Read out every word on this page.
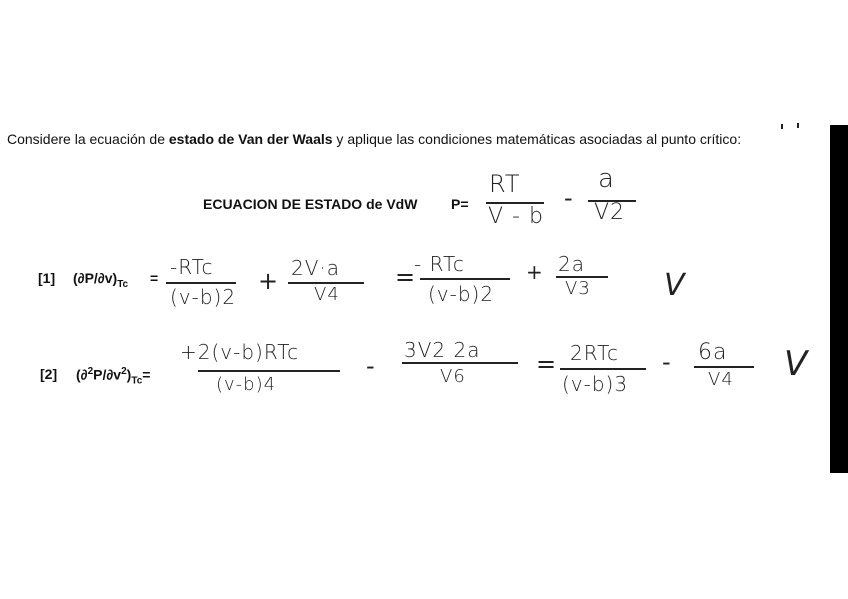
Considere la ecuación de estado de Van der Waals y aplique las condiciones matemáticas asociadas al punto crítico:
ECUACION DE ESTADO de VdW P=
RT
V - b
-
a
V2
[1] $(\partial P/\partial v)_{Tc} = -RTc$
(v-b)2
+ 2V·a
V4
=
- RTc
(v-b)2
+ 2a
V3 V
[2] $(\partial^2P/\partial v^2)_{Tc}=$
+2(v-b)RTc
(v-b)4
-
3V2 2a
V6	= 2RTc
(v-b)3
- 6a
V4 V
